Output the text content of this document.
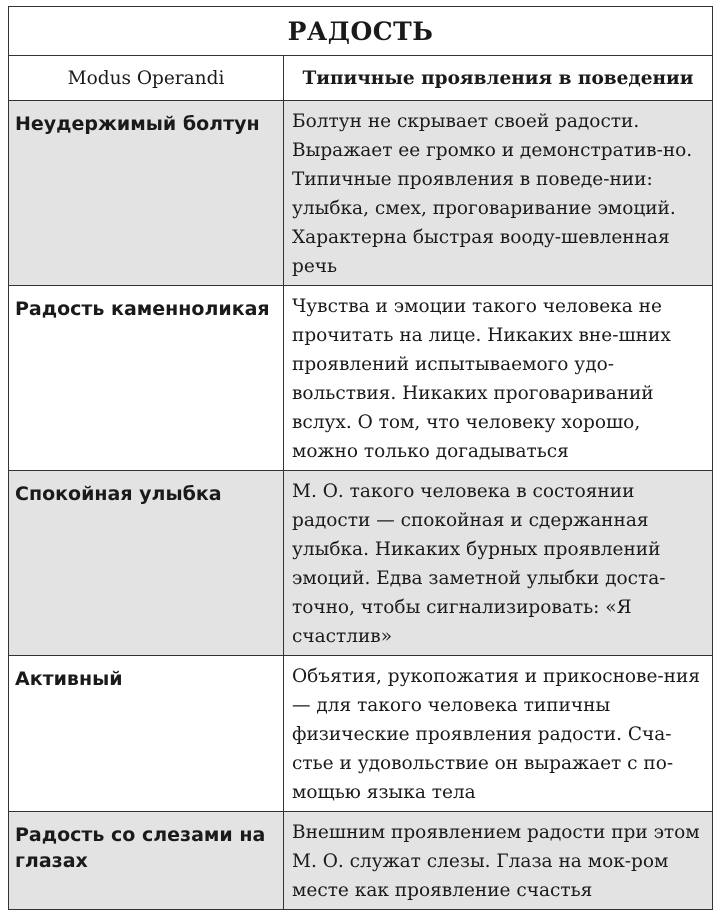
РАДОСТЬ	
Modus Operandi	Типичные проявления в поведении
Неудержимый болтун	Болтун не скрывает своей радости. Выражает ее громко и демонстратив-но. Типичные проявления в поведе-нии: улыбка, смех, проговаривание эмоций. Характерна быстрая вооду-шевленная речь
Радость каменноликая	Чувства и эмоции такого человека не прочитать на лице. Никаких вне-шних проявлений испытываемого удо-вольствия. Никаких проговариваний вслух. О том, что человеку хорошо, можно только догадываться
Спокойная улыбка	М. О. такого человека в состоянии радости — спокойная и сдержанная улыбка. Никаких бурных проявлений эмоций. Едва заметной улыбки доста-точно, чтобы сигнализировать: «Я счастлив»
Активный	Объятия, рукопожатия и прикоснове-ния — для такого человека типичны физические проявления радости. Сча-стье и удовольствие он выражает с по-мощью языка тела
Радость со слезами на глазах	Внешним проявлением радости при этом М. О. служат слезы. Глаза на мок-ром месте как проявление счастья
